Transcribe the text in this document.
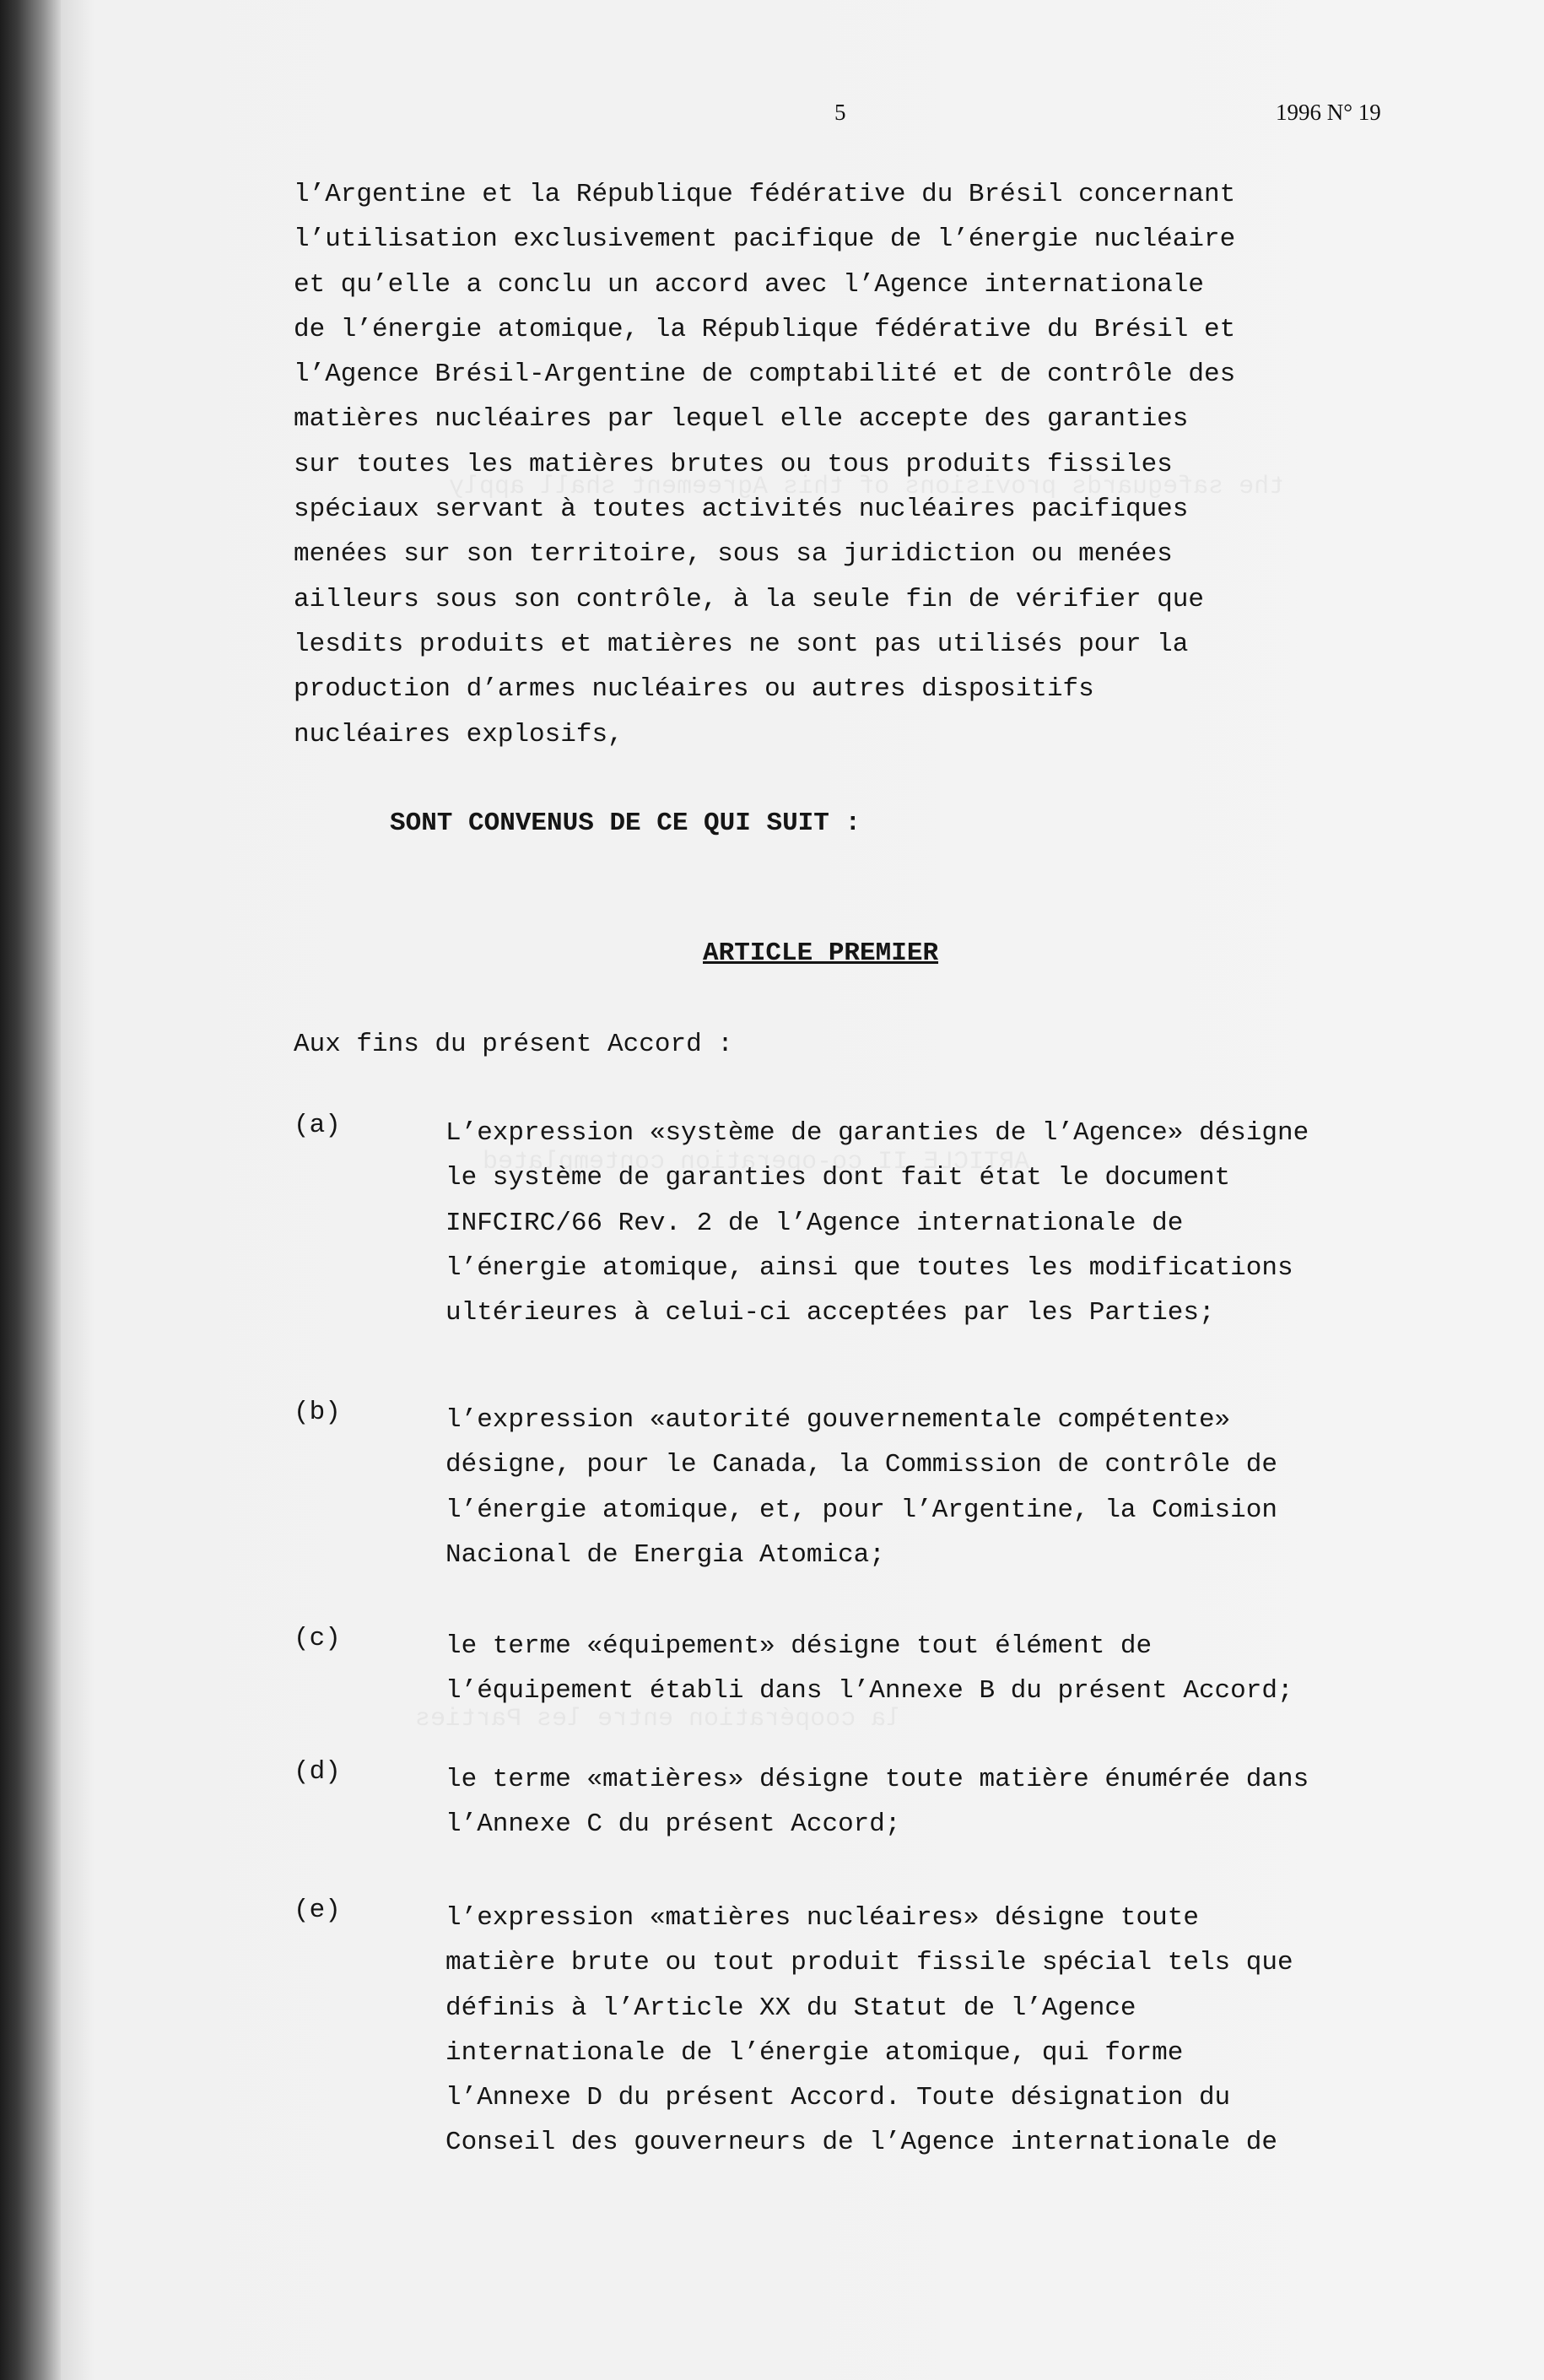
5	1996 N° 19
l’Argentine et la République fédérative du Brésil concernant
l’utilisation exclusivement pacifique de l’énergie nucléaire
et qu’elle a conclu un accord avec l’Agence internationale
de l’énergie atomique, la République fédérative du Brésil et
l’Agence Brésil-Argentine de comptabilité et de contrôle des
matières nucléaires par lequel elle accepte des garanties
sur toutes les matières brutes ou tous produits fissiles
spéciaux servant à toutes activités nucléaires pacifiques
menées sur son territoire, sous sa juridiction ou menées
ailleurs sous son contrôle, à la seule fin de vérifier que
lesdits produits et matières ne sont pas utilisés pour la
production d’armes nucléaires ou autres dispositifs
nucléaires explosifs,
SONT CONVENUS DE CE QUI SUIT :
ARTICLE PREMIER
Aux fins du présent Accord :
(a)	L’expression «système de garanties de l’Agence» désigne
le système de garanties dont fait état le document
INFCIRC/66 Rev. 2 de l’Agence internationale de
l’énergie atomique, ainsi que toutes les modifications
ultérieures à celui-ci acceptées par les Parties;
(b)	l’expression «autorité gouvernementale compétente»
désigne, pour le Canada, la Commission de contrôle de
l’énergie atomique, et, pour l’Argentine, la Comision
Nacional de Energia Atomica;
(c)	le terme «équipement» désigne tout élément de
l’équipement établi dans l’Annexe B du présent Accord;
(d)	le terme «matières» désigne toute matière énumérée dans
l’Annexe C du présent Accord;
(e)	l’expression «matières nucléaires» désigne toute
matière brute ou tout produit fissile spécial tels que
définis à l’Article XX du Statut de l’Agence
internationale de l’énergie atomique, qui forme
l’Annexe D du présent Accord. Toute désignation du
Conseil des gouverneurs de l’Agence internationale de
